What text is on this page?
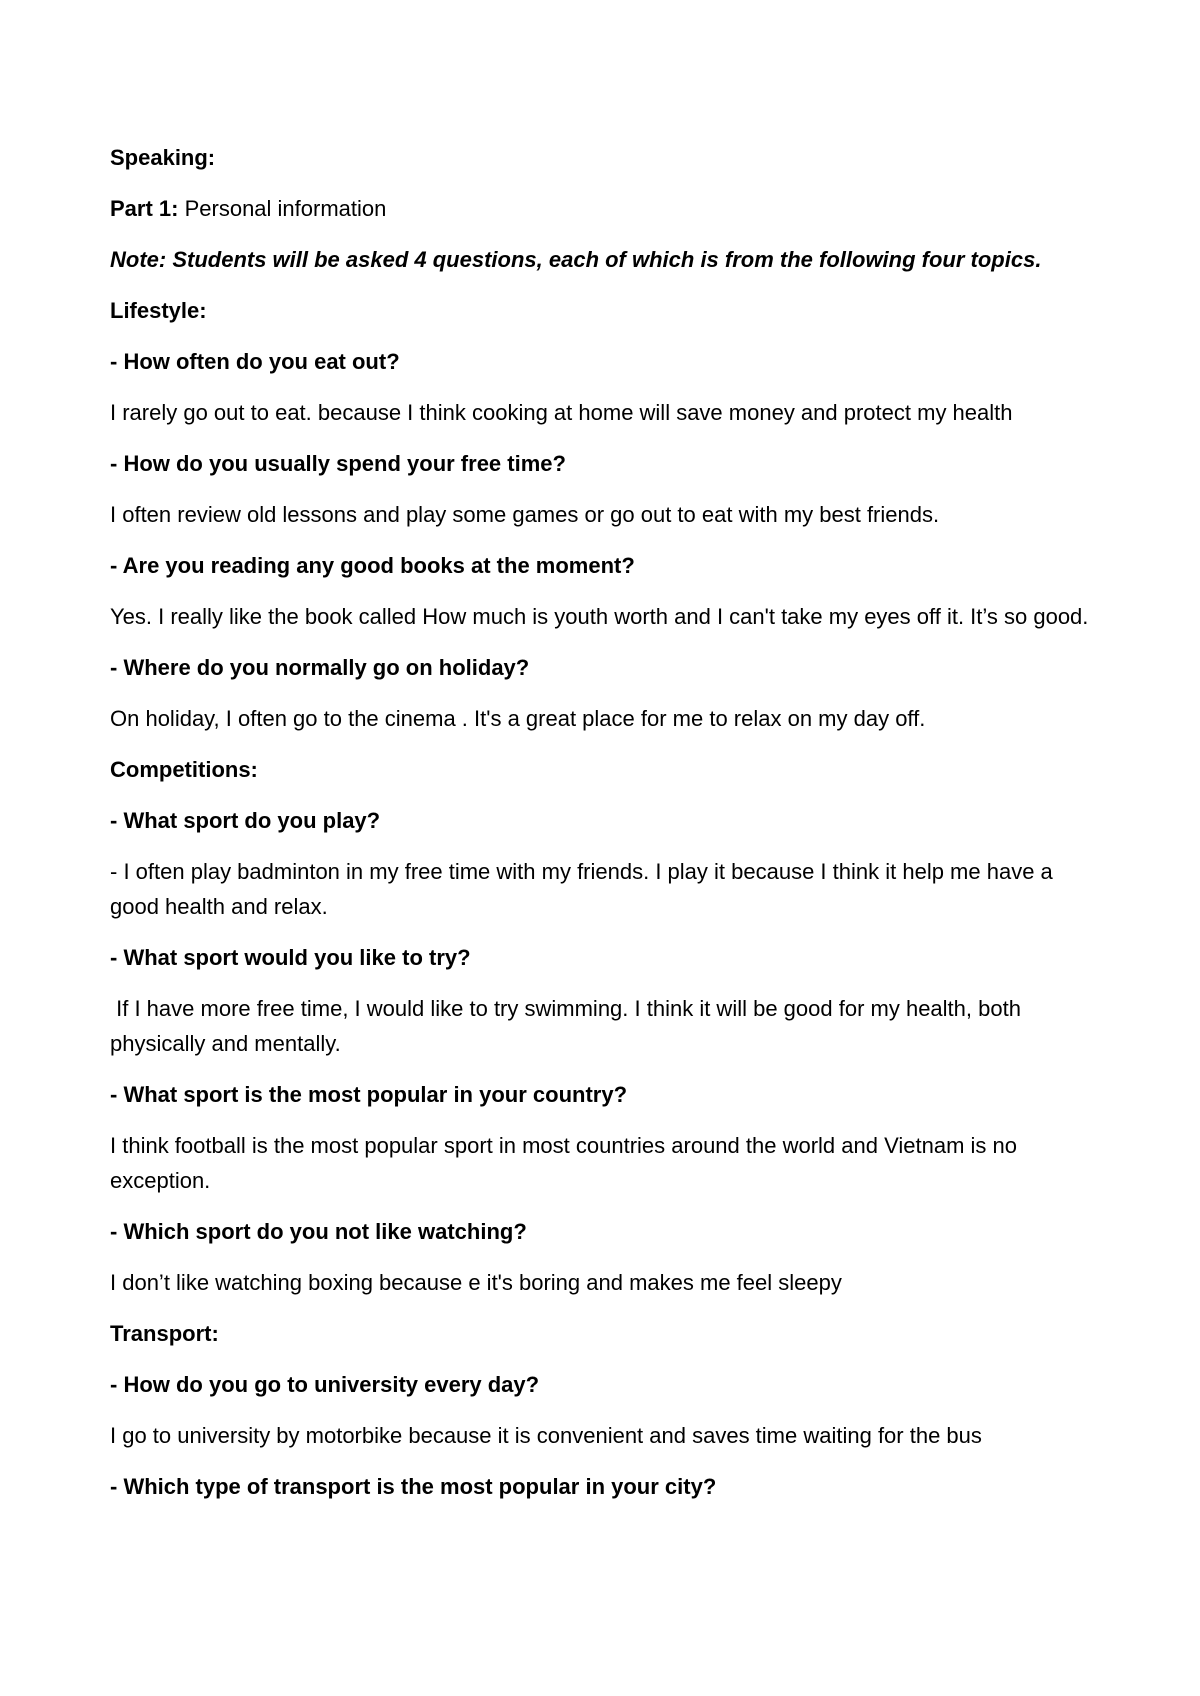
Speaking:

Part 1: Personal information

Note: Students will be asked 4 questions, each of which is from the following four topics.

Lifestyle:

- How often do you eat out?

I rarely go out to eat. because I think cooking at home will save money and protect my health

- How do you usually spend your free time?

I often review old lessons and play some games or go out to eat with my best friends.

- Are you reading any good books at the moment?

Yes. I really like the book called How much is youth worth and I can't take my eyes off it. It’s so good.

- Where do you normally go on holiday?

On holiday, I often go to the cinema . It's a great place for me to relax on my day off.

Competitions:

- What sport do you play?

- I often play badminton in my free time with my friends. I play it because I think it help me have a good health and relax.

- What sport would you like to try?

If I have more free time, I would like to try swimming. I think it will be good for my health, both physically and mentally.

- What sport is the most popular in your country?

I think football is the most popular sport in most countries around the world and Vietnam is no exception.

- Which sport do you not like watching?

I don’t like watching boxing because e it's boring and makes me feel sleepy

Transport:

- How do you go to university every day?

I go to university by motorbike because it is convenient and saves time waiting for the bus

- Which type of transport is the most popular in your city?
